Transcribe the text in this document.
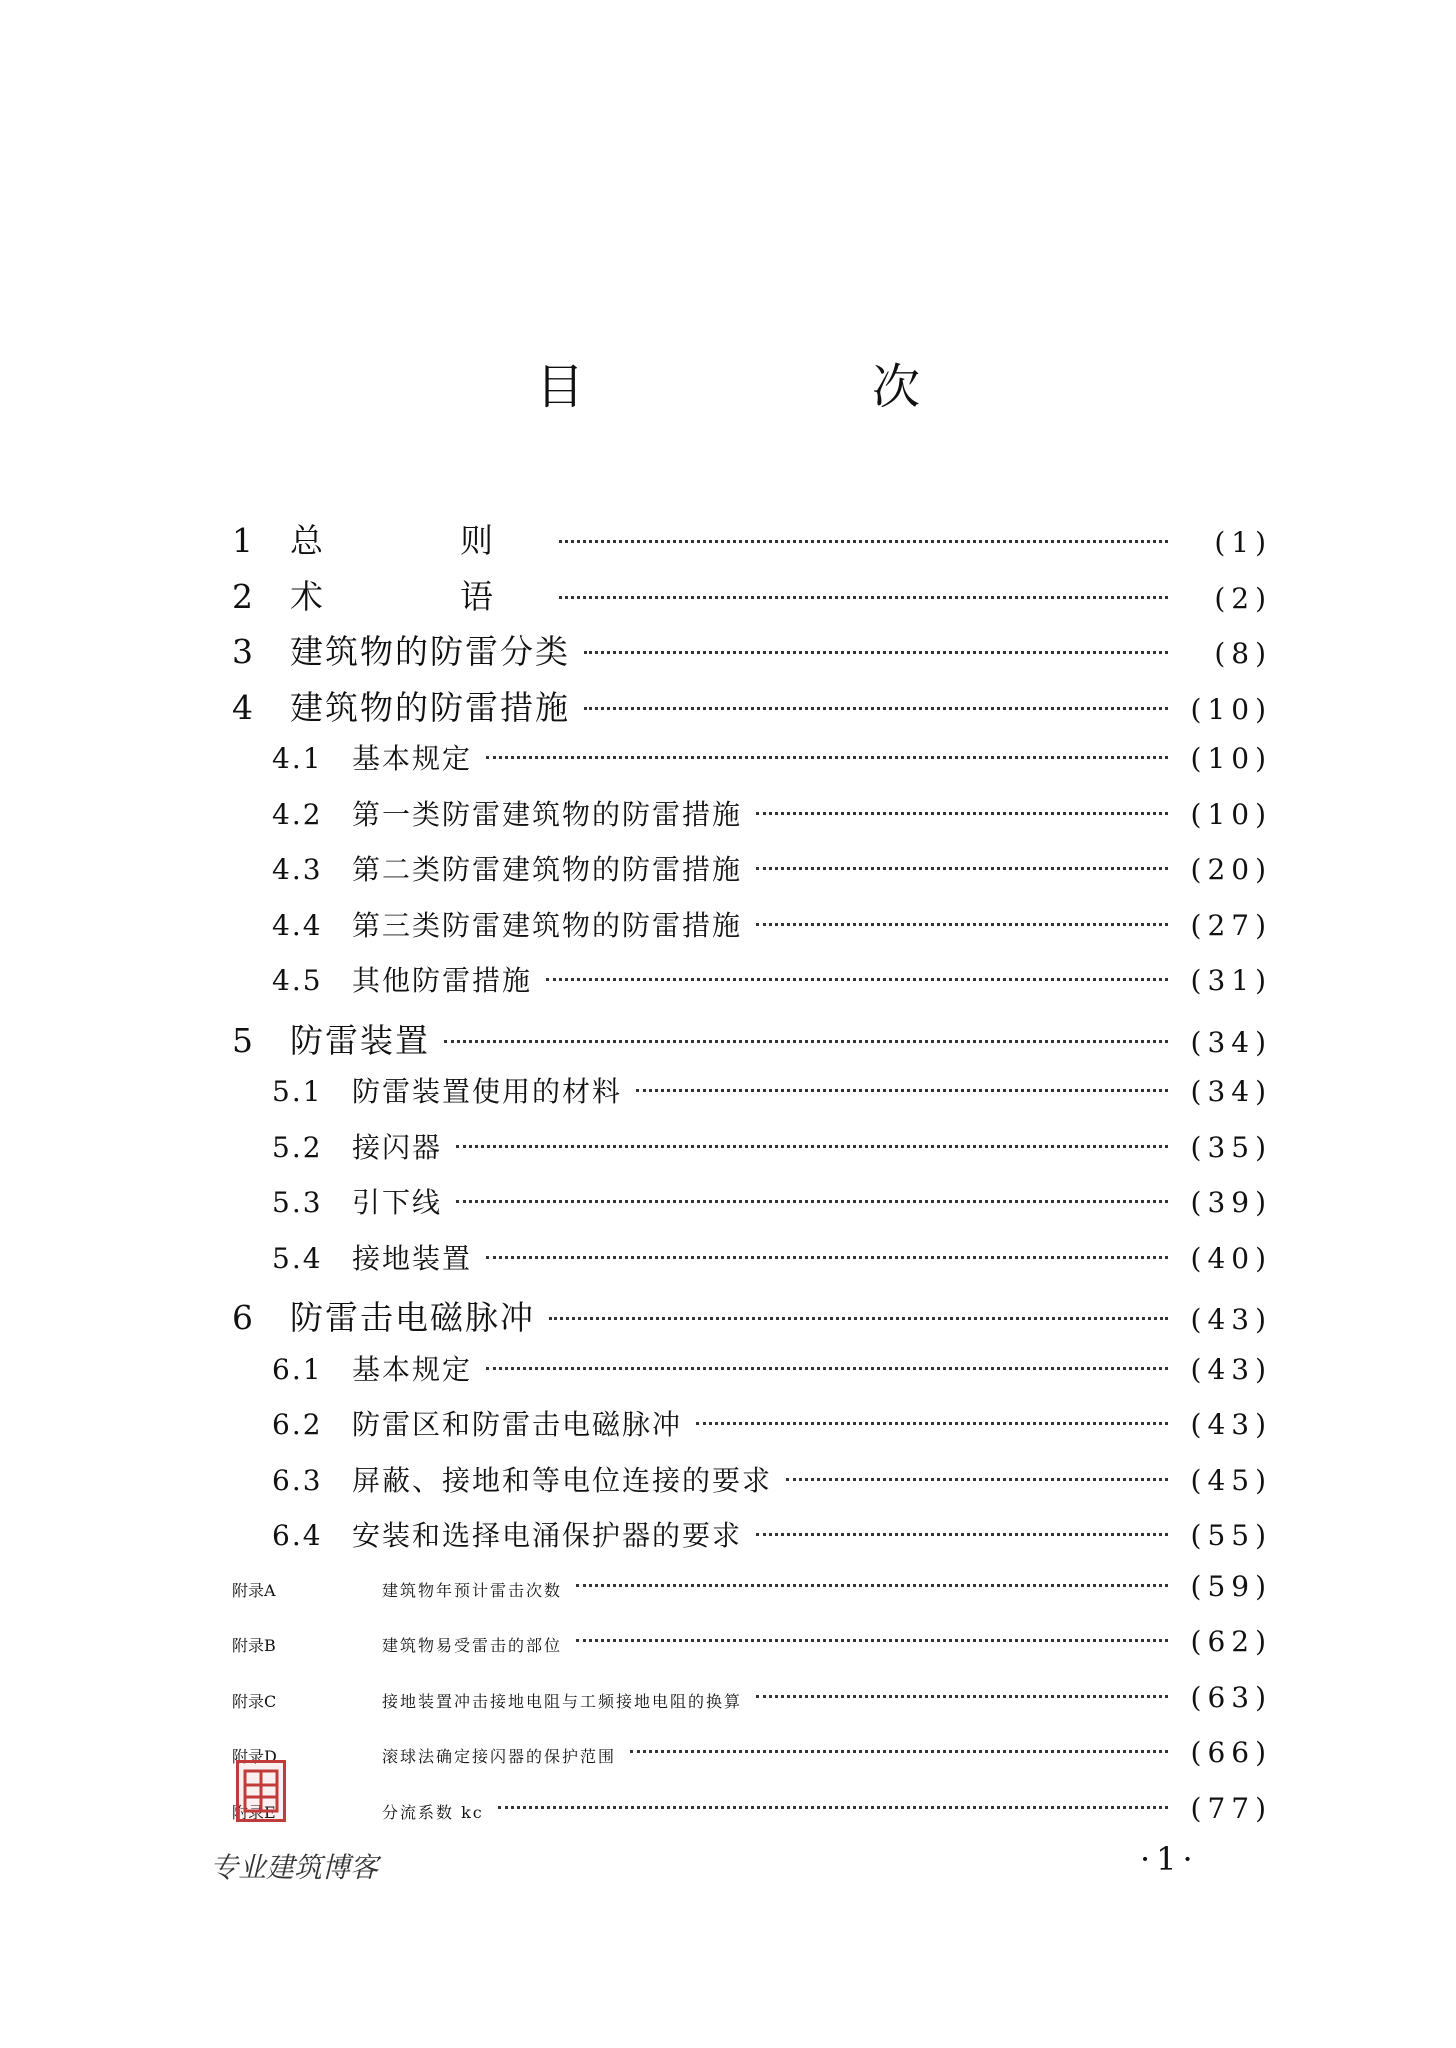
目　次
1	总　则	(1)
2	术　语	(2)
3	建筑物的防雷分类	(8)
4	建筑物的防雷措施	(10)
4.1	基本规定	(10)
4.2	第一类防雷建筑物的防雷措施	(10)
4.3	第二类防雷建筑物的防雷措施	(20)
4.4	第三类防雷建筑物的防雷措施	(27)
4.5	其他防雷措施	(31)
5	防雷装置	(34)
5.1	防雷装置使用的材料	(34)
5.2	接闪器	(35)
5.3	引下线	(39)
5.4	接地装置	(40)
6	防雷击电磁脉冲	(43)
6.1	基本规定	(43)
6.2	防雷区和防雷击电磁脉冲	(43)
6.3	屏蔽、接地和等电位连接的要求	(45)
6.4	安装和选择电涌保护器的要求	(55)
附录A	建筑物年预计雷击次数	(59)
附录B	建筑物易受雷击的部位	(62)
附录C	接地装置冲击接地电阻与工频接地电阻的换算	(63)
附录D	滚球法确定接闪器的保护范围	(66)
附录E	分流系数 kc	(77)
专业建筑博客	·1·
